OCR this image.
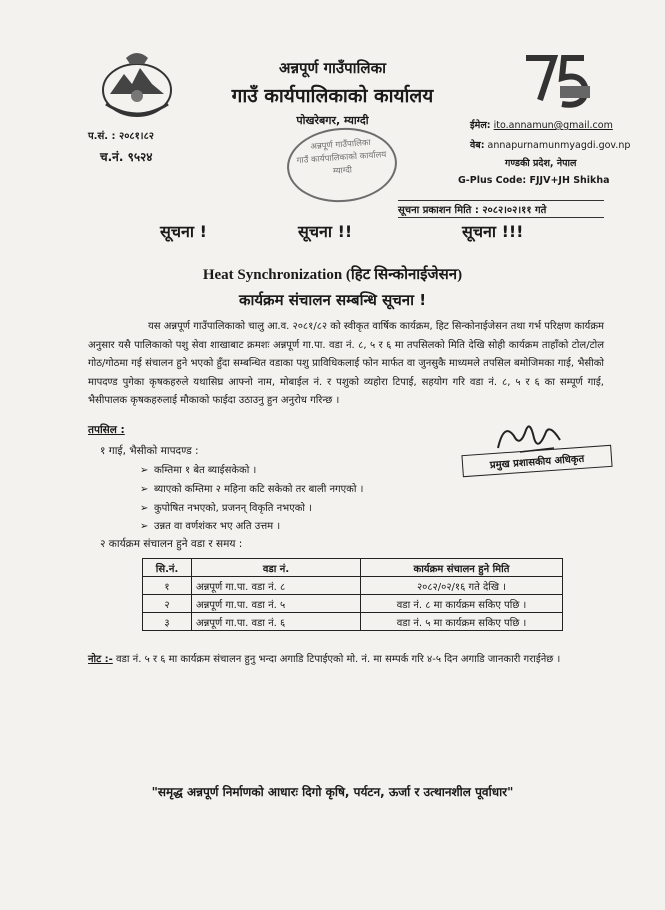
अन्नपूर्ण गाउँपालिका
गाउँ कार्यपालिकाको कार्यालय
पोखरेबगर, म्याग्दी
प.सं. : २०८१।८२
च.नं. ९५२४
ईमेल: ito.annamun@gmail.com
वेब: annapurnamunmyagdi.gov.np
गण्डकी प्रदेश, नेपाल
G-Plus Code: FJJV+JH Shikha
अन्नपूर्ण गाउँपालिका
गाउँ कार्यपालिकाको कार्यालय
म्याग्दी
सूचना प्रकाशन मिति : २०८२।०२।११ गते
सूचना !	सूचना !!	सूचना !!!
Heat Synchronization (हिट सिन्कोनाईजेसन)
कार्यक्रम संचालन सम्बन्धि सूचना !
यस अन्नपूर्ण गाउँपालिकाको चालु आ.व. २०८१/८२ को स्वीकृत वार्षिक कार्यक्रम, हिट सिन्कोनाईजेसन तथा गर्भ परिक्षण कार्यक्रम अनुसार यसै पालिकाको पशु सेवा शाखाबाट क्रमशः अन्नपूर्ण गा.पा. वडा नं. ८, ५ र ६ मा तपसिलको मिति देखि सोही कार्यक्रम ताहाँको टोल/टोल गोठ/गोठमा गई संचालन हुने भएको हुँदा सम्बन्धित वडाका पशु प्राविधिकलाई फोन मार्फत वा जुनसुकै माध्यमले तपसिल बमोजिमका गाई, भैसीको मापदण्ड पुगेका कृषकहरुले यथासिघ्र आफ्नो नाम, मोबाईल नं. र पशुको व्यहोरा टिपाई, सहयोग गरि वडा नं. ८, ५ र ६ का सम्पूर्ण गाई, भैसीपालक कृषकहरुलाई मौकाको फाईदा उठाउनु हुन अनुरोध गरिन्छ ।
प्रमुख प्रशासकीय अधिकृत
तपसिल :
१ गाई, भैसीको मापदण्ड :
➢ कम्तिमा १ बेत ब्याईसकेको ।
➢ ब्याएको कम्तिमा २ महिना कटि सकेको तर बाली नगएको ।
➢ कुपोषित नभएको, प्रजनन् विकृति नभएको ।
➢ उन्नत वा वर्णशंकर भए अति उत्तम ।
२ कार्यक्रम संचालन हुने वडा र समय :
सि.नं.	वडा नं.	कार्यक्रम संचालन हुने मिति
१	अन्नपूर्ण गा.पा. वडा नं. ८	२०८२/०२/१६ गते देखि ।
२	अन्नपूर्ण गा.पा. वडा नं. ५	वडा नं. ८ मा कार्यक्रम सकिए पछि ।
३	अन्नपूर्ण गा.पा. वडा नं. ६	वडा नं. ५ मा कार्यक्रम सकिए पछि ।
नोट :- वडा नं. ५ र ६ मा कार्यक्रम संचालन हुनु भन्दा अगाडि टिपाईएको मो. नं. मा सम्पर्क गरि ४-५ दिन अगाडि जानकारी गराईनेछ ।
"समृद्ध अन्नपूर्ण निर्माणको आधारः दिगो कृषि, पर्यटन, ऊर्जा र उत्थानशील पूर्वाधार"
